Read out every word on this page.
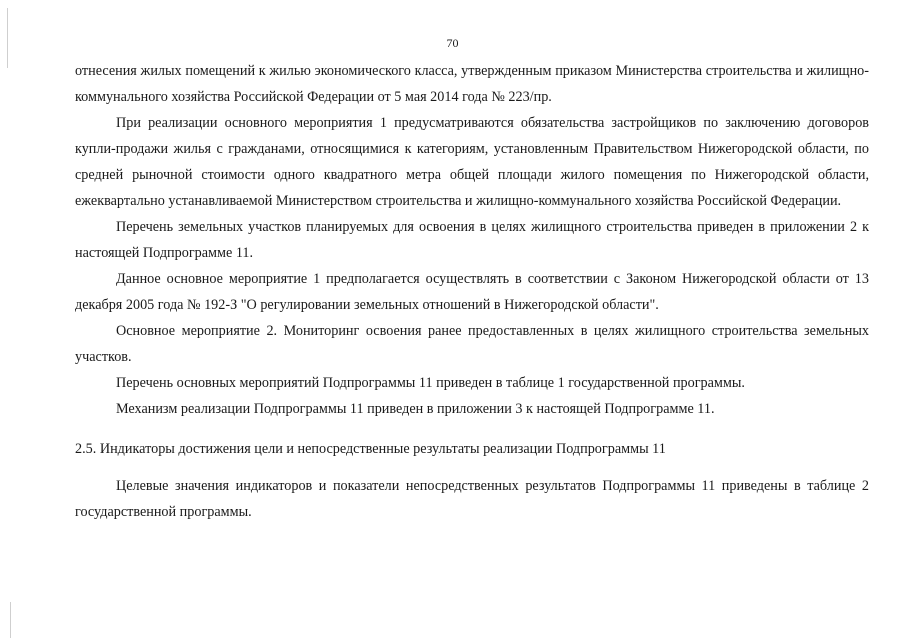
70

отнесения жилых помещений к жилью экономического класса, утвержденным приказом Министерства строительства и жилищно-коммунального хозяйства Российской Федерации от 5 мая 2014 года № 223/пр.

При реализации основного мероприятия 1 предусматриваются обязательства застройщиков по заключению договоров купли-продажи жилья с гражданами, относящимися к категориям, установленным Правительством Нижегородской области, по средней рыночной стоимости одного квадратного метра общей площади жилого помещения по Нижегородской области, ежеквартально устанавливаемой Министерством строительства и жилищно-коммунального хозяйства Российской Федерации.

Перечень земельных участков планируемых для освоения в целях жилищного строительства приведен в приложении 2 к настоящей Подпрограмме 11.

Данное основное мероприятие 1 предполагается осуществлять в соответствии с Законом Нижегородской области от 13 декабря 2005 года № 192-З "О регулировании земельных отношений в Нижегородской области".

Основное мероприятие 2. Мониторинг освоения ранее предоставленных в целях жилищного строительства земельных участков.

Перечень основных мероприятий Подпрограммы 11 приведен в таблице 1 государственной программы.

Механизм реализации Подпрограммы 11 приведен в приложении 3 к настоящей Подпрограмме 11.

2.5. Индикаторы достижения цели и непосредственные результаты реализации Подпрограммы 11

Целевые значения индикаторов и показатели непосредственных результатов Подпрограммы 11 приведены в таблице 2 государственной программы.
